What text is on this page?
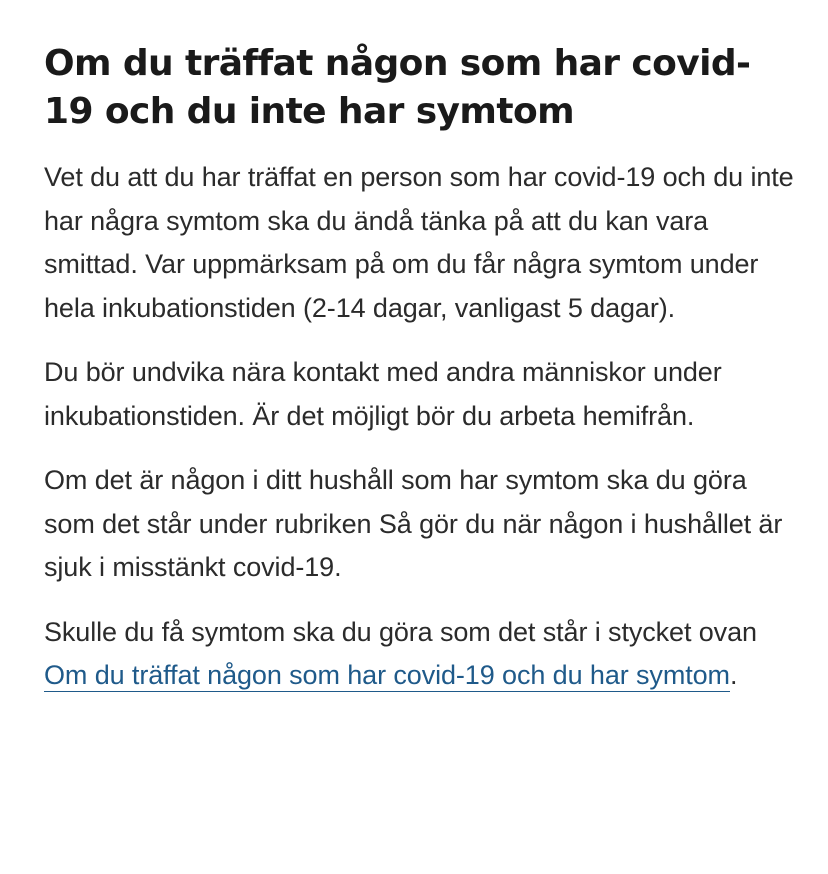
Om du träffat någon som har covid-19 och du inte har symtom

Vet du att du har träffat en person som har covid-19 och du inte har några symtom ska du ändå tänka på att du kan vara smittad. Var uppmärksam på om du får några symtom under hela inkubationstiden (2-14 dagar, vanligast 5 dagar).

Du bör undvika nära kontakt med andra människor under inkubationstiden. Är det möjligt bör du arbeta hemifrån.

Om det är någon i ditt hushåll som har symtom ska du göra som det står under rubriken Så gör du när någon i hushållet är sjuk i misstänkt covid-19.

Skulle du få symtom ska du göra som det står i stycket ovan Om du träffat någon som har covid-19 och du har symtom.
